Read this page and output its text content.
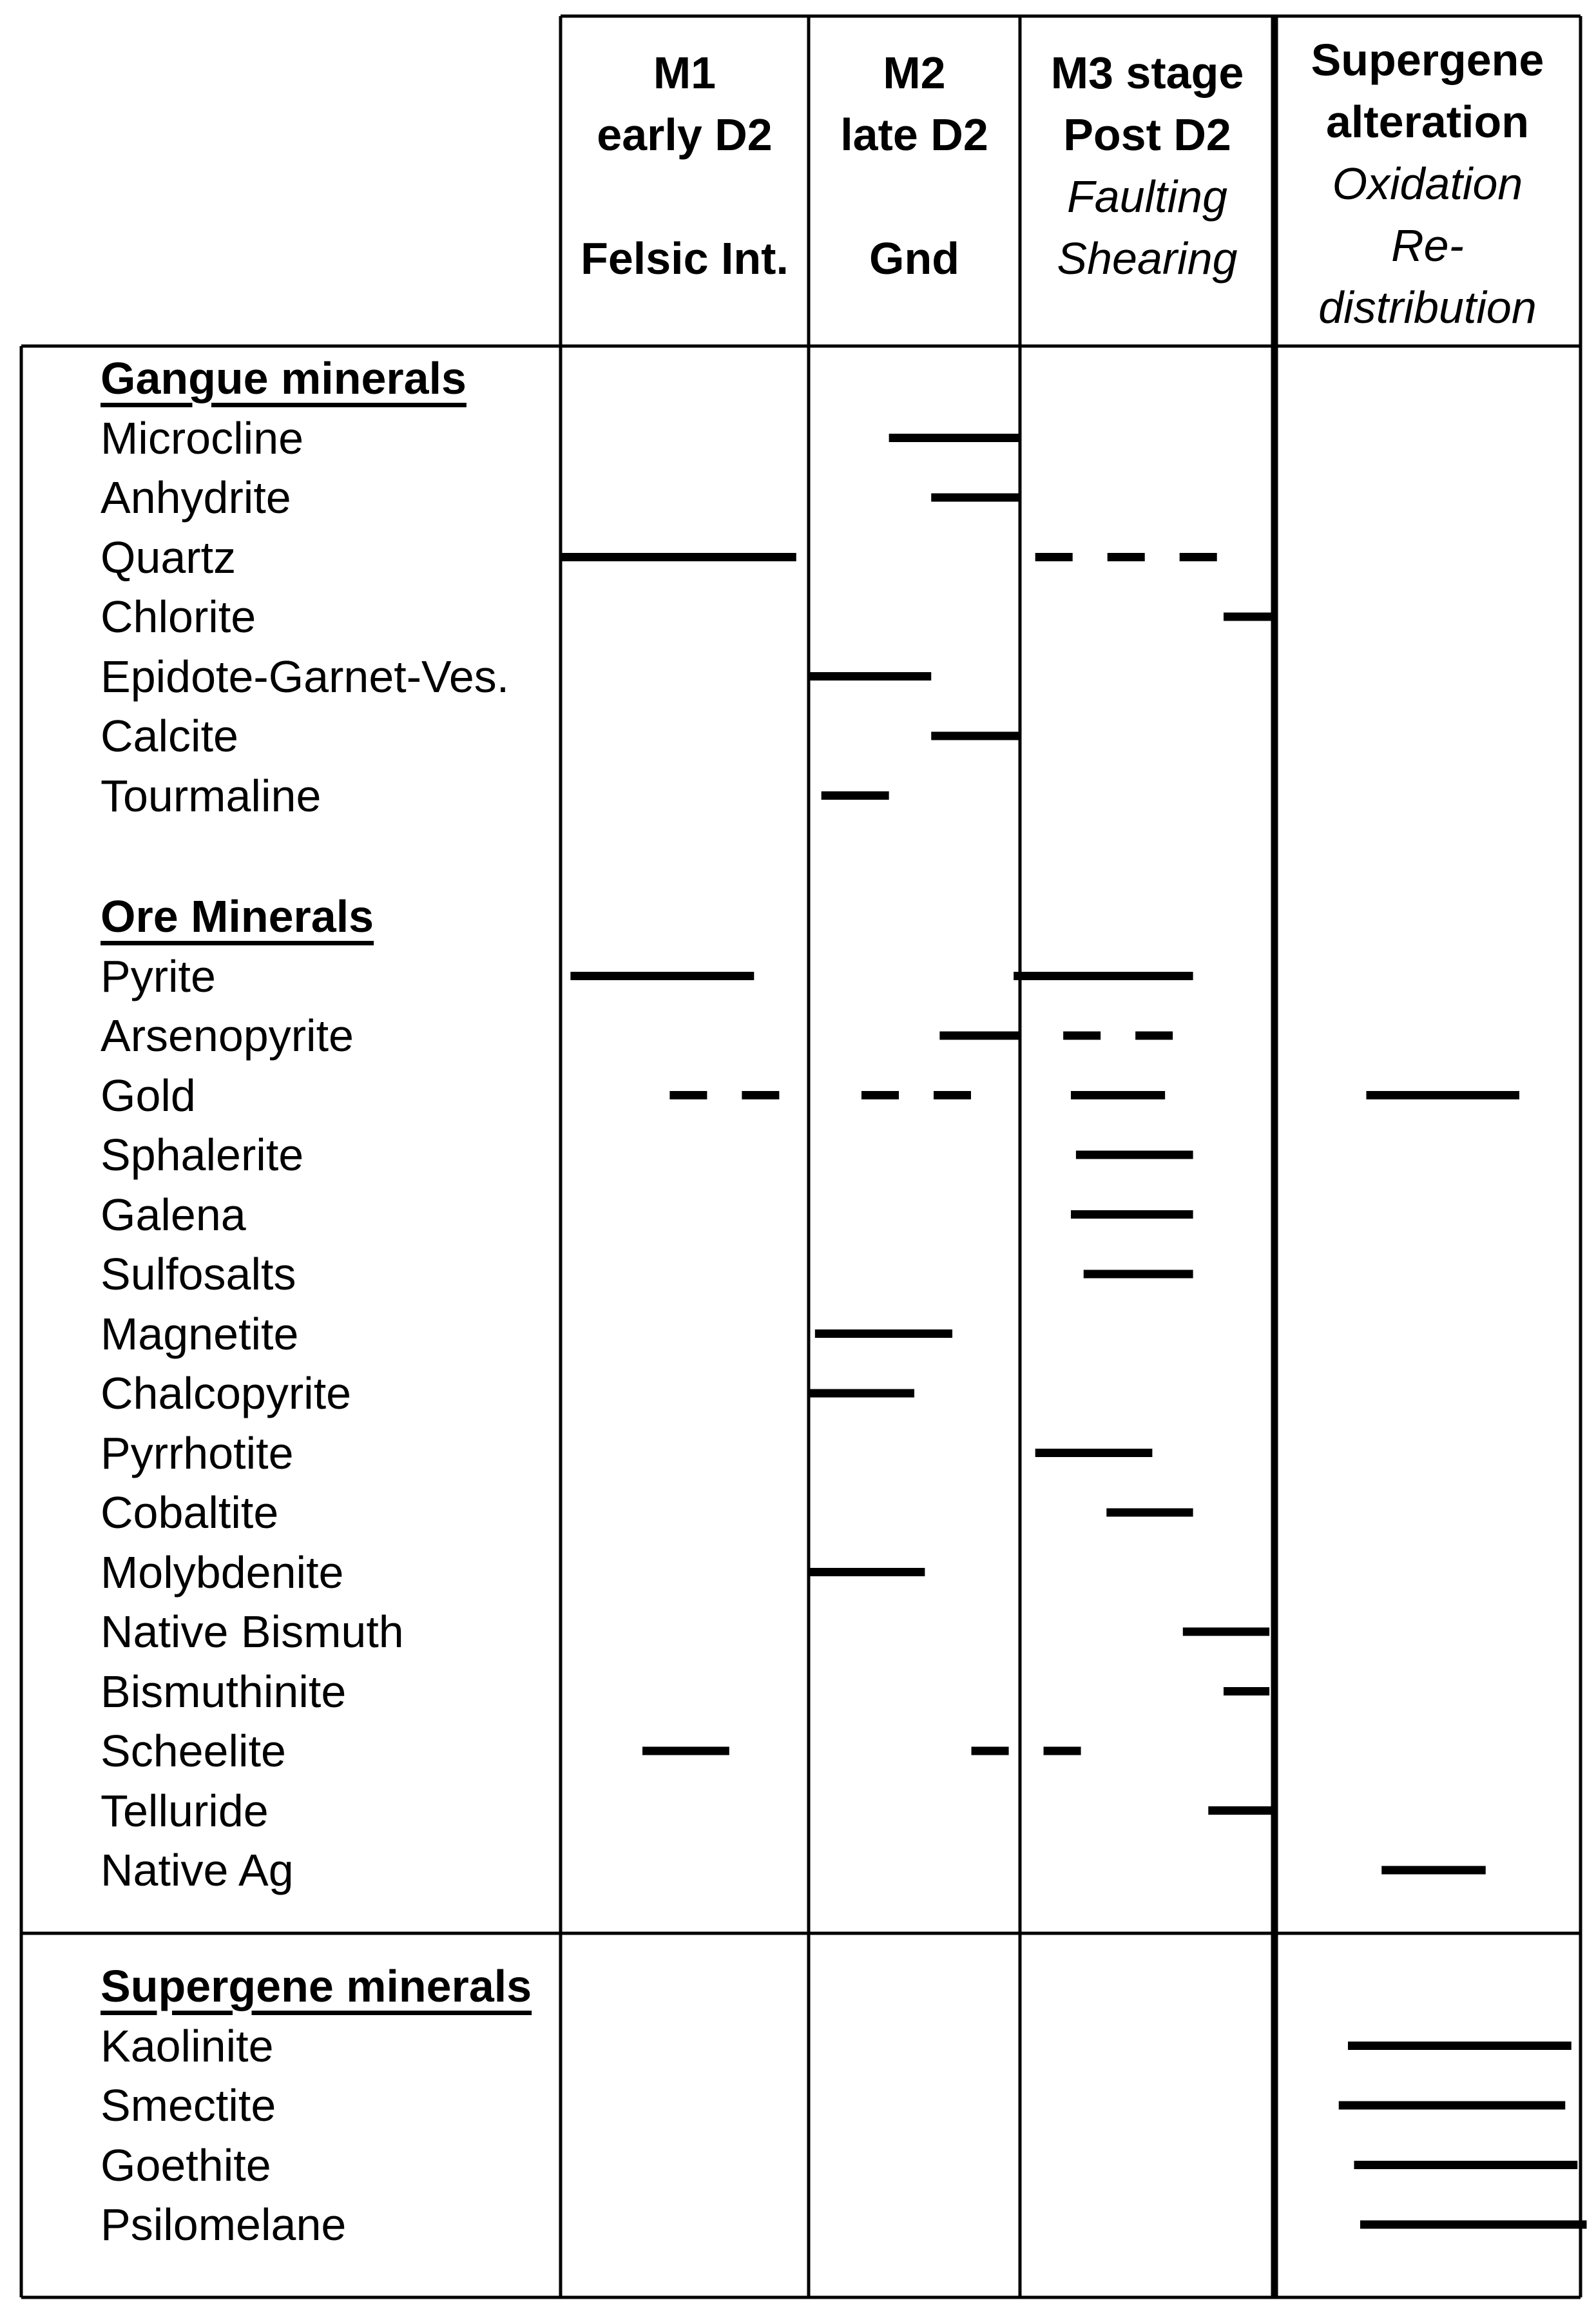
M1
early D2
Felsic Int.
M2
late D2
Gnd
M3 stage
Post D2
Faulting
Shearing
Supergene
alteration
Oxidation
Re-
distribution
Gangue minerals
Microcline
Anhydrite
Quartz
Chlorite
Epidote-Garnet-Ves.
Calcite
Tourmaline
Ore Minerals
Pyrite
Arsenopyrite
Gold
Sphalerite
Galena
Sulfosalts
Magnetite
Chalcopyrite
Pyrrhotite
Cobaltite
Molybdenite
Native Bismuth
Bismuthinite
Scheelite
Telluride
Native Ag
Supergene minerals
Kaolinite
Smectite
Goethite
Psilomelane
